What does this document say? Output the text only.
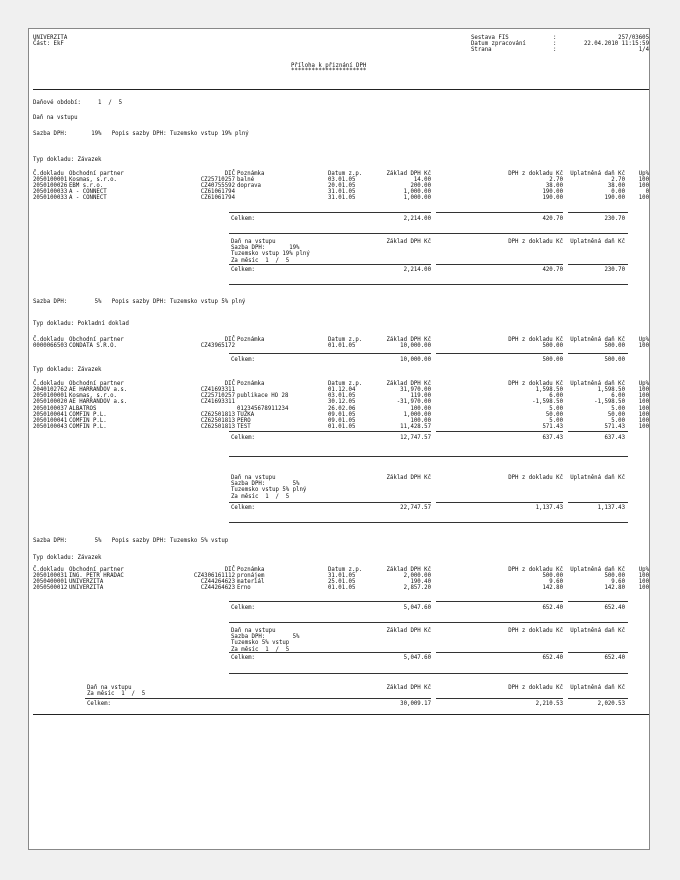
UNIVERZITA
Část: EkF
Sestava FIS	:	257/03605
Datum zpracování	:	22.04.2010 11:15:59
Strana	:	1/4
Příloha k přiznání DPH
**********************
Daňové období:     1  /  5
Daň na vstupu
Sazba DPH:       19%   Popis sazby DPH: Tuzemsko vstup 19% plný
Typ dokladu: Závazek
Č.dokladu Obchodní partner	DIČ Poznámka	Datum z.p.	Základ DPH Kč	DPH z dokladu Kč	Uplatněná daň Kč	Up%
2050100001 Kosmas, s.r.o.	CZ25710257 balné	03.01.05	14.00	2.70	2.70	100
2050100026 EBM s.r.o.	CZ40755592 doprava	20.01.05	200.00	38.00	38.00	100
2050100033 A - CONNECT	CZ61061794	31.01.05	1,000.00	190.00	0.00	0
2050100033 A - CONNECT	CZ61061794	31.01.05	1,000.00	190.00	190.00	100
Celkem:	2,214.00	420.70	230.70
Daň na vstupu
Sazba DPH:       19%
Tuzemsko vstup 19% plný
Za měsíc  1  /  5
Základ DPH Kč	DPH z dokladu Kč	Uplatněná daň Kč
Celkem:	2,214.00	420.70	230.70
Sazba DPH:        5%   Popis sazby DPH: Tuzemsko vstup 5% plný
Typ dokladu: Pokladní doklad
Č.dokladu Obchodní partner	DIČ Poznámka	Datum z.p.	Základ DPH Kč	DPH z dokladu Kč	Uplatněná daň Kč	Up%
0000066503 CONDATA S.R.O.	CZ43965172	01.01.05	10,000.00	500.00	500.00	100
Celkem:	10,000.00	500.00	500.00
Typ dokladu: Závazek
Č.dokladu Obchodní partner	DIČ Poznámka	Datum z.p.	Základ DPH Kč	DPH z dokladu Kč	Uplatněná daň Kč	Up%
2040102762 AE HARRANDOV a.s.	CZ41693311	01.12.04	31,970.00	1,598.50	1,598.50	100
2050100001 Kosmas, s.r.o.	CZ25710257 publikace HO 28	03.01.05	119.00	6.00	6.00	100
2050100020 AE HARRANDOV a.s.	CZ41693311	30.12.05	-31,970.00	-1,598.50	-1,598.50	100
2050100037 ALBATROS	012345678911234	26.02.06	100.00	5.00	5.00	100
2050100041 COMFIN P.L.	CZ62501813 TUŽKA	09.01.05	1,000.00	50.00	50.00	100
2050100041 COMFIN P.L.	CZ62501813 PERO	09.01.05	100.00	5.00	5.00	100
2050100043 COMFIN P.L.	CZ62501813 TEST	01.01.05	11,428.57	571.43	571.43	100
Celkem:	12,747.57	637.43	637.43
Daň na vstupu
Sazba DPH:        5%
Tuzemsko vstup 5% plný
Za měsíc  1  /  5
Základ DPH Kč	DPH z dokladu Kč	Uplatněná daň Kč
Celkem:	22,747.57	1,137.43	1,137.43
Sazba DPH:        5%   Popis sazby DPH: Tuzemsko 5% vstup
Typ dokladu: Závazek
Č.dokladu Obchodní partner	DIČ Poznámka	Datum z.p.	Základ DPH Kč	DPH z dokladu Kč	Uplatněná daň Kč	Up%
2050100031 ING. PETR HRADAC	CZ4306161112 pronájem	31.01.05	2,000.00	500.00	500.00	100
2050400001 UNIVERZITA	CZ44264623 materiál	25.01.05	190.40	9.60	9.60	100
2050500012 UNIVERZITA	CZ44264623 Erno	01.01.05	2,857.20	142.80	142.80	100
Celkem:	5,047.60	652.40	652.40
Daň na vstupu
Sazba DPH:        5%
Tuzemsko 5% vstup
Za měsíc  1  /  5
Základ DPH Kč	DPH z dokladu Kč	Uplatněná daň Kč
Celkem:	5,047.60	652.40	652.40
Daň na vstupu
Za měsíc  1  /  5
Základ DPH Kč	DPH z dokladu Kč	Uplatněná daň Kč
Celkem:	30,009.17	2,210.53	2,020.53
